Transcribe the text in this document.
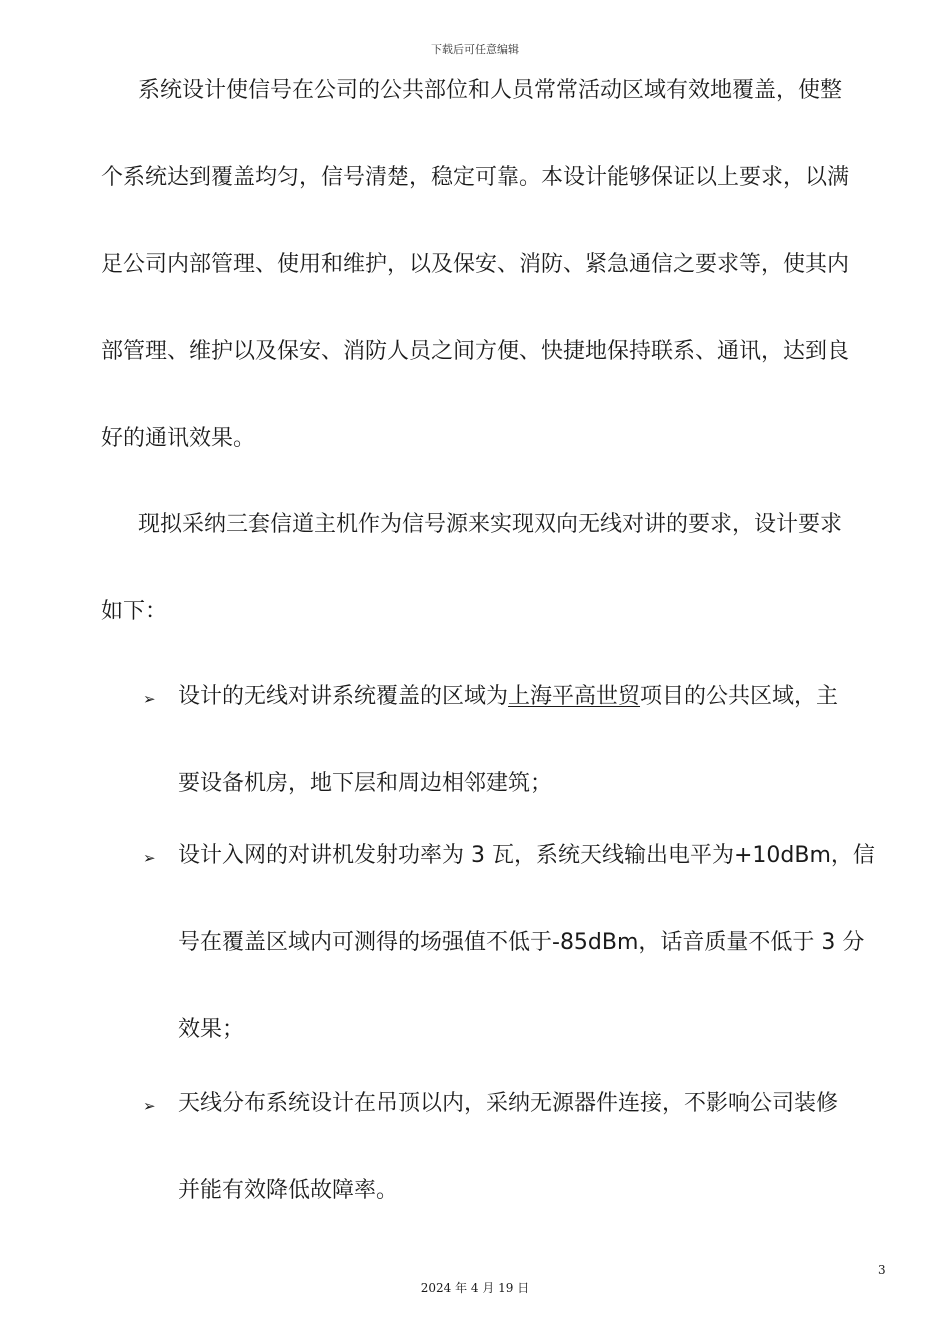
下载后可任意编辑
系统设计使信号在公司的公共部位和人员常常活动区域有效地覆盖，使整
个系统达到覆盖均匀，信号清楚，稳定可靠。本设计能够保证以上要求，以满
足公司内部管理、使用和维护，以及保安、消防、紧急通信之要求等，使其内
部管理、维护以及保安、消防人员之间方便、快捷地保持联系、通讯，达到良
好的通讯效果。
现拟采纳三套信道主机作为信号源来实现双向无线对讲的要求，设计要求
如下：
➢ 设计的无线对讲系统覆盖的区域为上海平高世贸项目的公共区域，主
要设备机房，地下层和周边相邻建筑；
➢ 设计入网的对讲机发射功率为 3 瓦，系统天线输出电平为+10dBm，信
号在覆盖区域内可测得的场强值不低于-85dBm，话音质量不低于 3 分
效果；
➢ 天线分布系统设计在吊顶以内，采纳无源器件连接，不影响公司装修
并能有效降低故障率。
3
2024 年 4 月 19 日
